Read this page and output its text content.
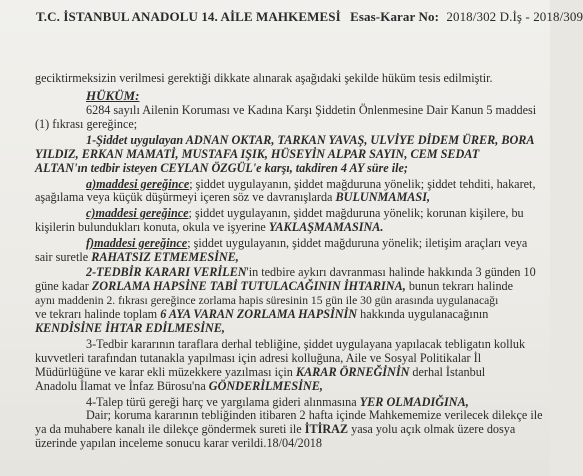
T.C. İSTANBUL ANADOLU 14. AİLE MAHKEMESİ Esas-Karar No: 2018/302 D.İş - 2018/309
geciktirmeksizin verilmesi gerektiği dikkate alınarak aşağıdaki şekilde hüküm tesis edilmiştir.
HÜKÜM:
6284 sayılı Ailenin Koruması ve Kadına Karşı Şiddetin Önlenmesine Dair Kanun 5 maddesi
(1) fıkrası gereğince;
1-Şiddet uygulayan ADNAN OKTAR, TARKAN YAVAŞ, ULVİYE DİDEM ÜRER, BORA
YILDIZ, ERKAN MAMATİ, MUSTAFA IŞIK, HÜSEYİN ALPAR SAYIN, CEM SEDAT
ALTAN'ın tedbir isteyen CEYLAN ÖZGÜL'e karşı, takdiren 4 AY süre ile;
a)maddesi gereğince; şiddet uygulayanın, şiddet mağduruna yönelik; şiddet tehditi, hakaret,
aşağılama veya küçük düşürmeyi içeren söz ve davranışlarda BULUNMAMASI,
c)maddesi gereğince; şiddet uygulayanın, şiddet mağduruna yönelik; korunan kişilere, bu
kişilerin bulundukları konuta, okula ve işyerine YAKLAŞMAMASINA.
f)maddesi gereğince; şiddet uygulayanın, şiddet mağduruna yönelik; iletişim araçları veya
sair suretle RAHATSIZ ETMEMESİNE,
2-TEDBİR KARARI VERİLEN'in tedbire aykırı davranması halinde hakkında 3 günden 10
güne kadar ZORLAMA HAPSİNE TABİ TUTULACAĞININ İHTARINA, bunun tekrarı halinde
aynı maddenin 2. fıkrası gereğince zorlama hapis süresinin 15 gün ile 30 gün arasında uygulanacağı
ve tekrarı halinde toplam 6 AYA VARAN ZORLAMA HAPSİNİN hakkında uygulanacağının
KENDİSİNE İHTAR EDİLMESİNE,
3-Tedbir kararının taraflara derhal tebliğine, şiddet uygulayana yapılacak tebligatın kolluk
kuvvetleri tarafından tutanakla yapılması için adresi kolluğuna, Aile ve Sosyal Politikalar İl
Müdürlüğüne ve karar ekli müzekkere yazılması için KARAR ÖRNEĞİNİN derhal İstanbul
Anadolu İlamat ve İnfaz Bürosu'na GÖNDERİLMESİNE,
4-Talep türü gereği harç ve yargılama gideri alınmasına YER OLMADIĞINA,
Dair; koruma kararının tebliğinden itibaren 2 hafta içinde Mahkememize verilecek dilekçe ile
ya da muhabere kanalı ile dilekçe göndermek sureti ile İTİRAZ yasa yolu açık olmak üzere dosya
üzerinde yapılan inceleme sonucu karar verildi.18/04/2018
